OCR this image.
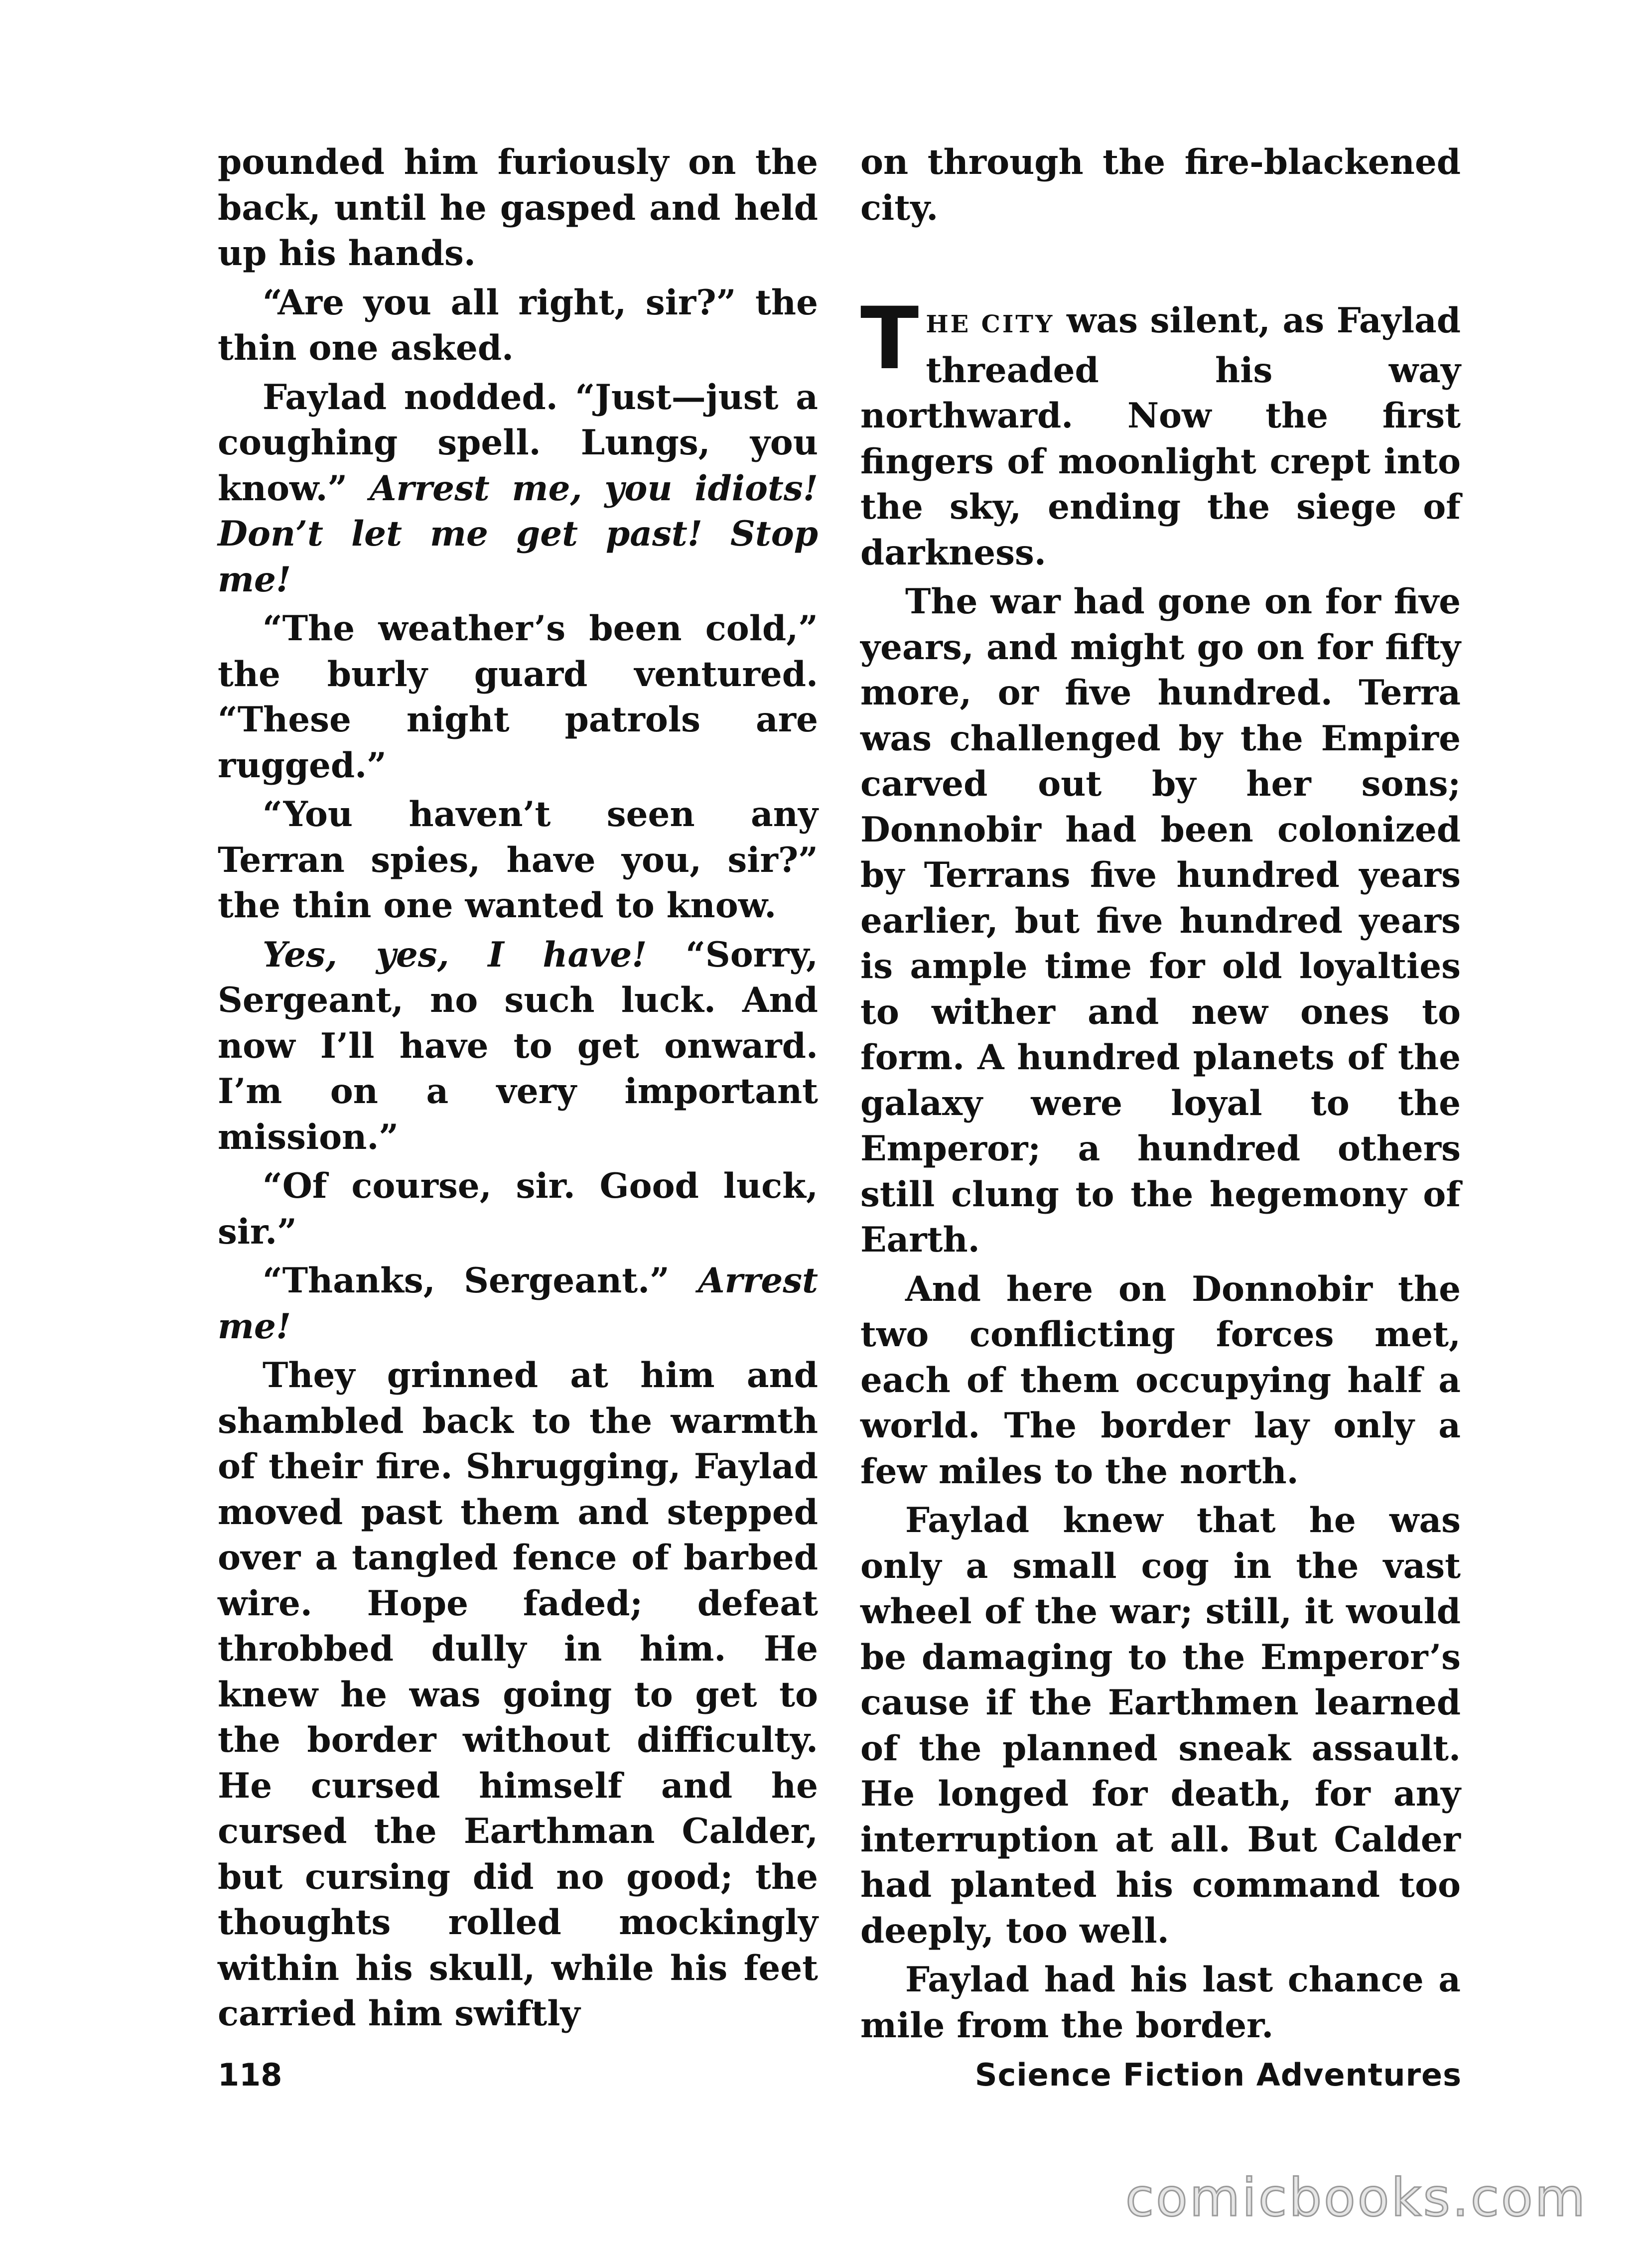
pounded him furiously on the back, until he gasped and held up his hands.

“Are you all right, sir?” the thin one asked.

Faylad nodded. “Just—just a coughing spell. Lungs, you know.” Arrest me, you idiots! Don’t let me get past! Stop me!

“The weather’s been cold,” the burly guard ventured. “These night patrols are rugged.”

“You haven’t seen any Terran spies, have you, sir?” the thin one wanted to know.

Yes, yes, I have! “Sorry, Sergeant, no such luck. And now I’ll have to get onward. I’m on a very important mission.”

“Of course, sir. Good luck, sir.”

“Thanks, Sergeant.” Arrest me!

They grinned at him and shambled back to the warmth of their fire. Shrugging, Faylad moved past them and stepped over a tangled fence of barbed wire. Hope faded; defeat throbbed dully in him. He knew he was going to get to the border without difficulty. He cursed himself and he cursed the Earthman Calder, but cursing did no good; the thoughts rolled mockingly within his skull, while his feet carried him swiftly

on through the fire-blackened city.

THE CITY was silent, as Faylad threaded his way northward. Now the first fingers of moonlight crept into the sky, ending the siege of darkness.

The war had gone on for five years, and might go on for fifty more, or five hundred. Terra was challenged by the Empire carved out by her sons; Donnobir had been colonized by Terrans five hundred years earlier, but five hundred years is ample time for old loyalties to wither and new ones to form. A hundred planets of the galaxy were loyal to the Emperor; a hundred others still clung to the hegemony of Earth.

And here on Donnobir the two conflicting forces met, each of them occupying half a world. The border lay only a few miles to the north.

Faylad knew that he was only a small cog in the vast wheel of the war; still, it would be damaging to the Emperor’s cause if the Earthmen learned of the planned sneak assault. He longed for death, for any interruption at all. But Calder had planted his command too deeply, too well.

Faylad had his last chance a mile from the border.

118	Science Fiction Adventures
comicbooks.com
